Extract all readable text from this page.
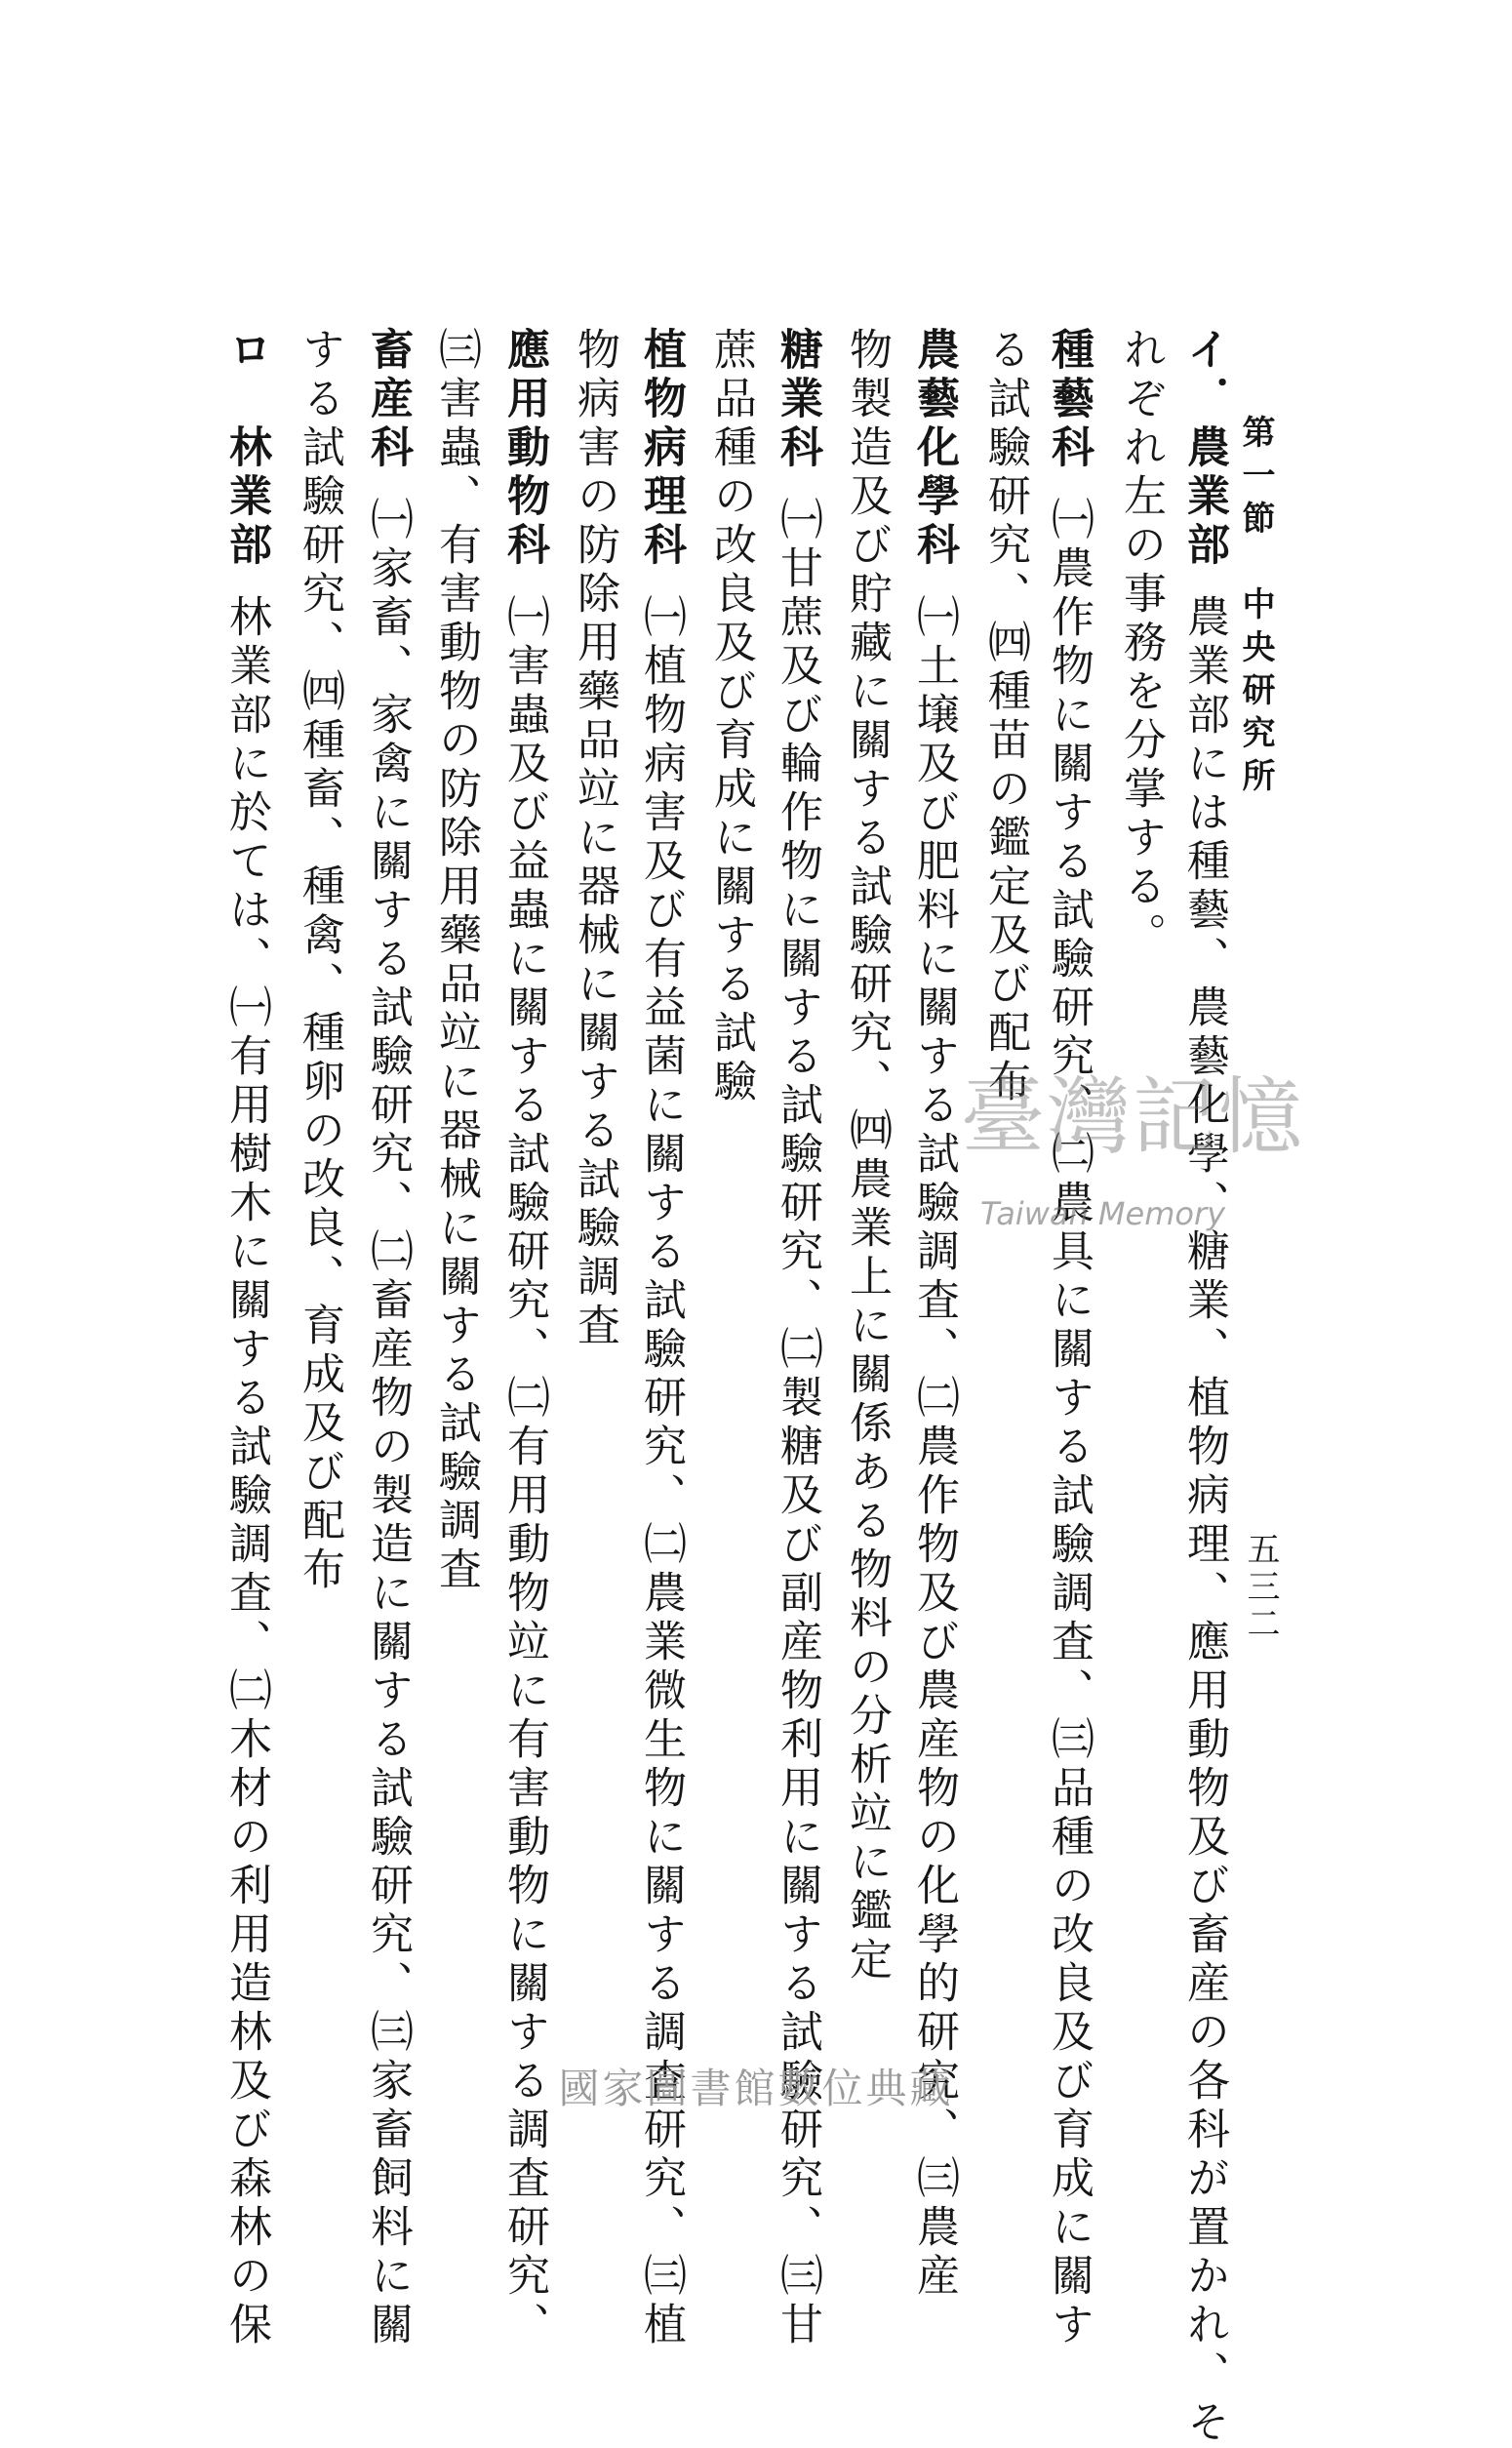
第一節　中央研究所
五三二
イ．農業部農業部には種藝、農藝化學、糖業、植物病理、應用動物及び畜産の各科が置かれ、そ
れぞれ左の事務を分掌する。
種藝科㈠農作物に關する試驗研究、㈡農具に關する試驗調査、㈢品種の改良及び育成に關す
る試驗研究、㈣種苗の鑑定及び配布
農藝化學科㈠土壌及び肥料に關する試驗調査、㈡農作物及び農産物の化學的研究、㈢農産
物製造及び貯藏に關する試驗研究、㈣農業上に關係ある物料の分析竝に鑑定
糖業科㈠甘蔗及び輪作物に關する試驗研究、㈡製糖及び副産物利用に關する試驗研究、㈢甘
蔗品種の改良及び育成に關する試驗
植物病理科㈠植物病害及び有益菌に關する試驗研究、㈡農業微生物に關する調査研究、㈢植
物病害の防除用藥品竝に器械に關する試驗調査
應用動物科㈠害蟲及び益蟲に關する試驗研究、㈡有用動物竝に有害動物に關する調査研究、
㈢害蟲、有害動物の防除用藥品竝に器械に關する試驗調査
畜産科㈠家畜、家禽に關する試驗研究、㈡畜産物の製造に關する試驗研究、㈢家畜飼料に關
する試驗研究、㈣種畜、種禽、種卵の改良、育成及び配布
ロ　林業部林業部に於ては、㈠有用樹木に關する試驗調査、㈡木材の利用造林及び森林の保	臺灣記憶
Taiwan Memory
國家圖書館數位典藏
